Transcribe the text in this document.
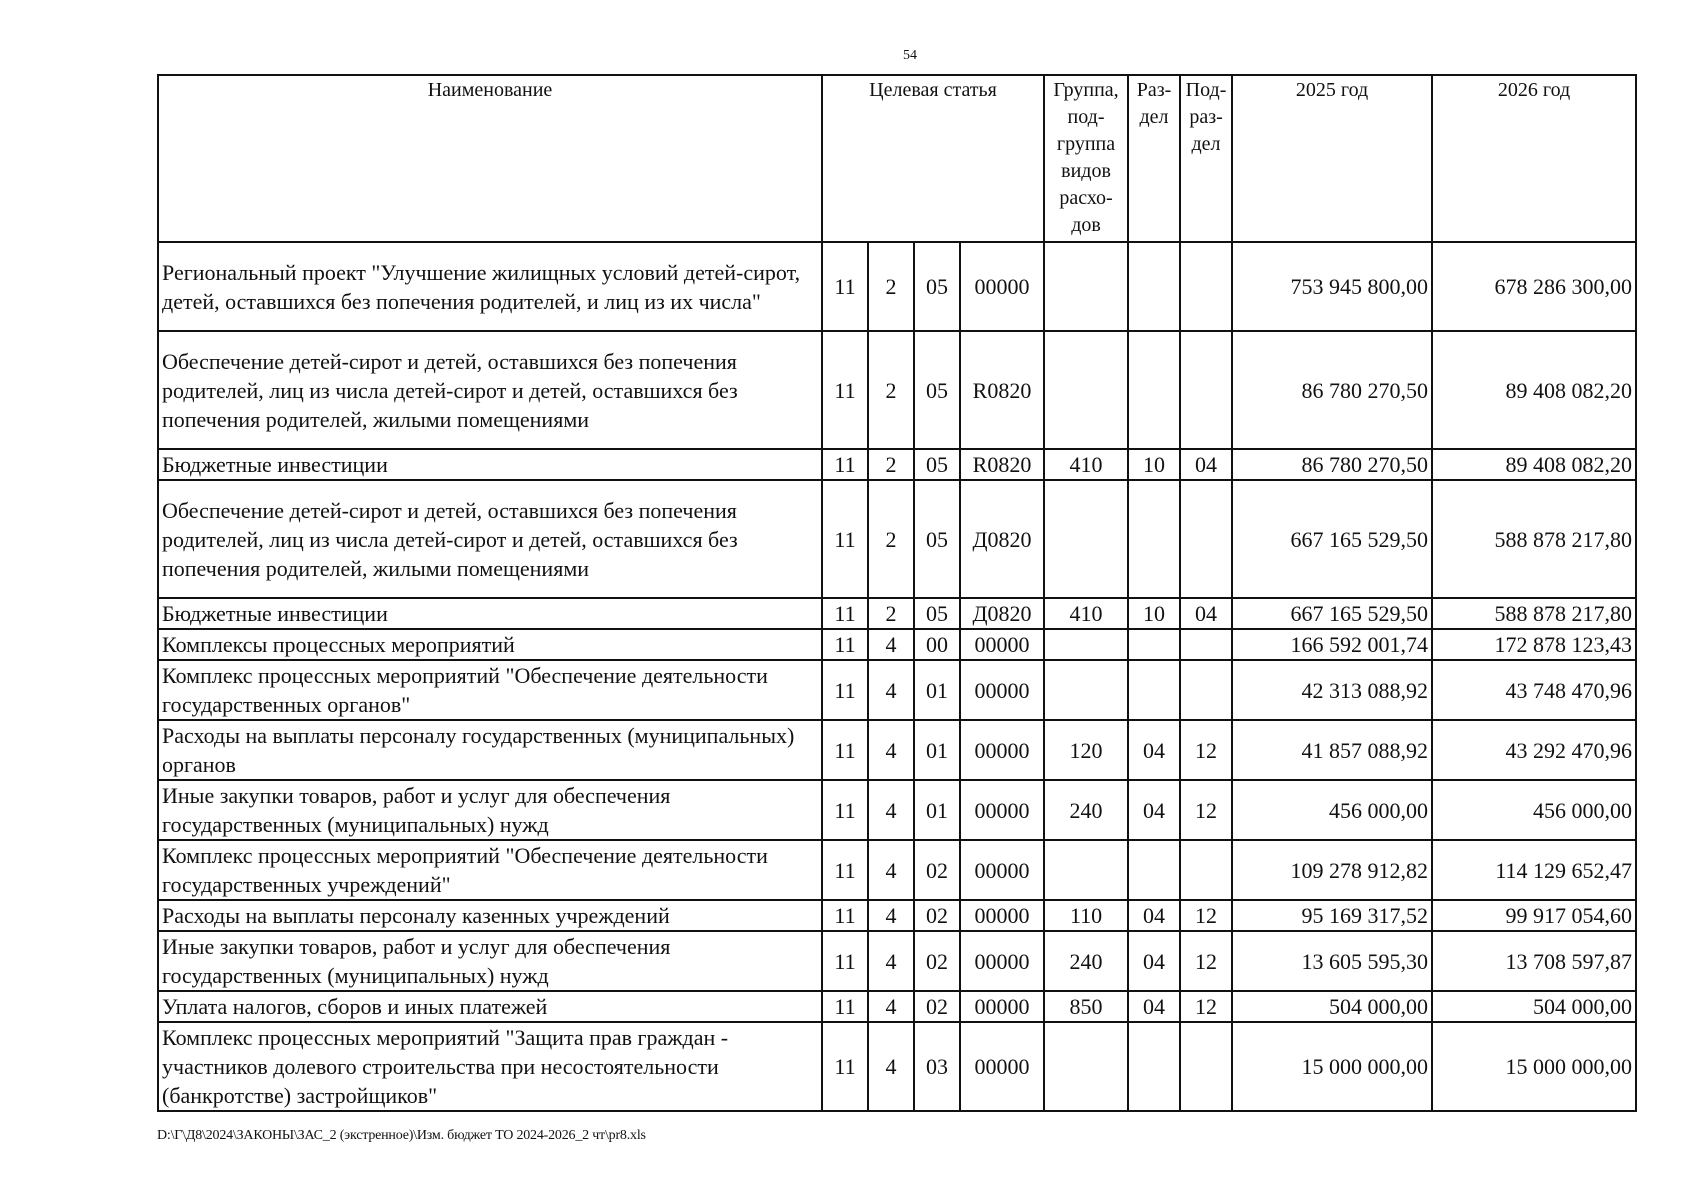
54
Наименование	Целевая статья				Группа, под-группа видов расхо-дов	Раз-дел	Под-раз-дел	2025 год	2026 год
Региональный проект "Улучшение жилищных условий детей-сирот, детей, оставшихся без попечения родителей, и лиц из их числа"	11	2	05	00000				753 945 800,00	678 286 300,00
Обеспечение детей-сирот и детей, оставшихся без попечения родителей, лиц из числа детей-сирот и детей, оставшихся без попечения родителей, жилыми помещениями	11	2	05	R0820				86 780 270,50	89 408 082,20
Бюджетные инвестиции	11	2	05	R0820	410	10	04	86 780 270,50	89 408 082,20
Обеспечение детей-сирот и детей, оставшихся без попечения родителей, лиц из числа детей-сирот и детей, оставшихся без попечения родителей, жилыми помещениями	11	2	05	Д0820				667 165 529,50	588 878 217,80
Бюджетные инвестиции	11	2	05	Д0820	410	10	04	667 165 529,50	588 878 217,80
Комплексы процессных мероприятий	11	4	00	00000				166 592 001,74	172 878 123,43
Комплекс процессных мероприятий "Обеспечение деятельности государственных органов"	11	4	01	00000				42 313 088,92	43 748 470,96
Расходы на выплаты персоналу государственных (муниципальных) органов	11	4	01	00000	120	04	12	41 857 088,92	43 292 470,96
Иные закупки товаров, работ и услуг для обеспечения государственных (муниципальных) нужд	11	4	01	00000	240	04	12	456 000,00	456 000,00
Комплекс процессных мероприятий "Обеспечение деятельности государственных учреждений"	11	4	02	00000				109 278 912,82	114 129 652,47
Расходы на выплаты персоналу казенных учреждений	11	4	02	00000	110	04	12	95 169 317,52	99 917 054,60
Иные закупки товаров, работ и услуг для обеспечения государственных (муниципальных) нужд	11	4	02	00000	240	04	12	13 605 595,30	13 708 597,87
Уплата налогов, сборов и иных платежей	11	4	02	00000	850	04	12	504 000,00	504 000,00
Комплекс процессных мероприятий "Защита прав граждан - участников долевого строительства при несостоятельности (банкротстве) застройщиков"	11	4	03	00000				15 000 000,00	15 000 000,00
D:\Г\Д8\2024\ЗАКОНЫ\ЗАС_2 (экстренное)\Изм. бюджет ТО 2024-2026_2 чт\pr8.xls
